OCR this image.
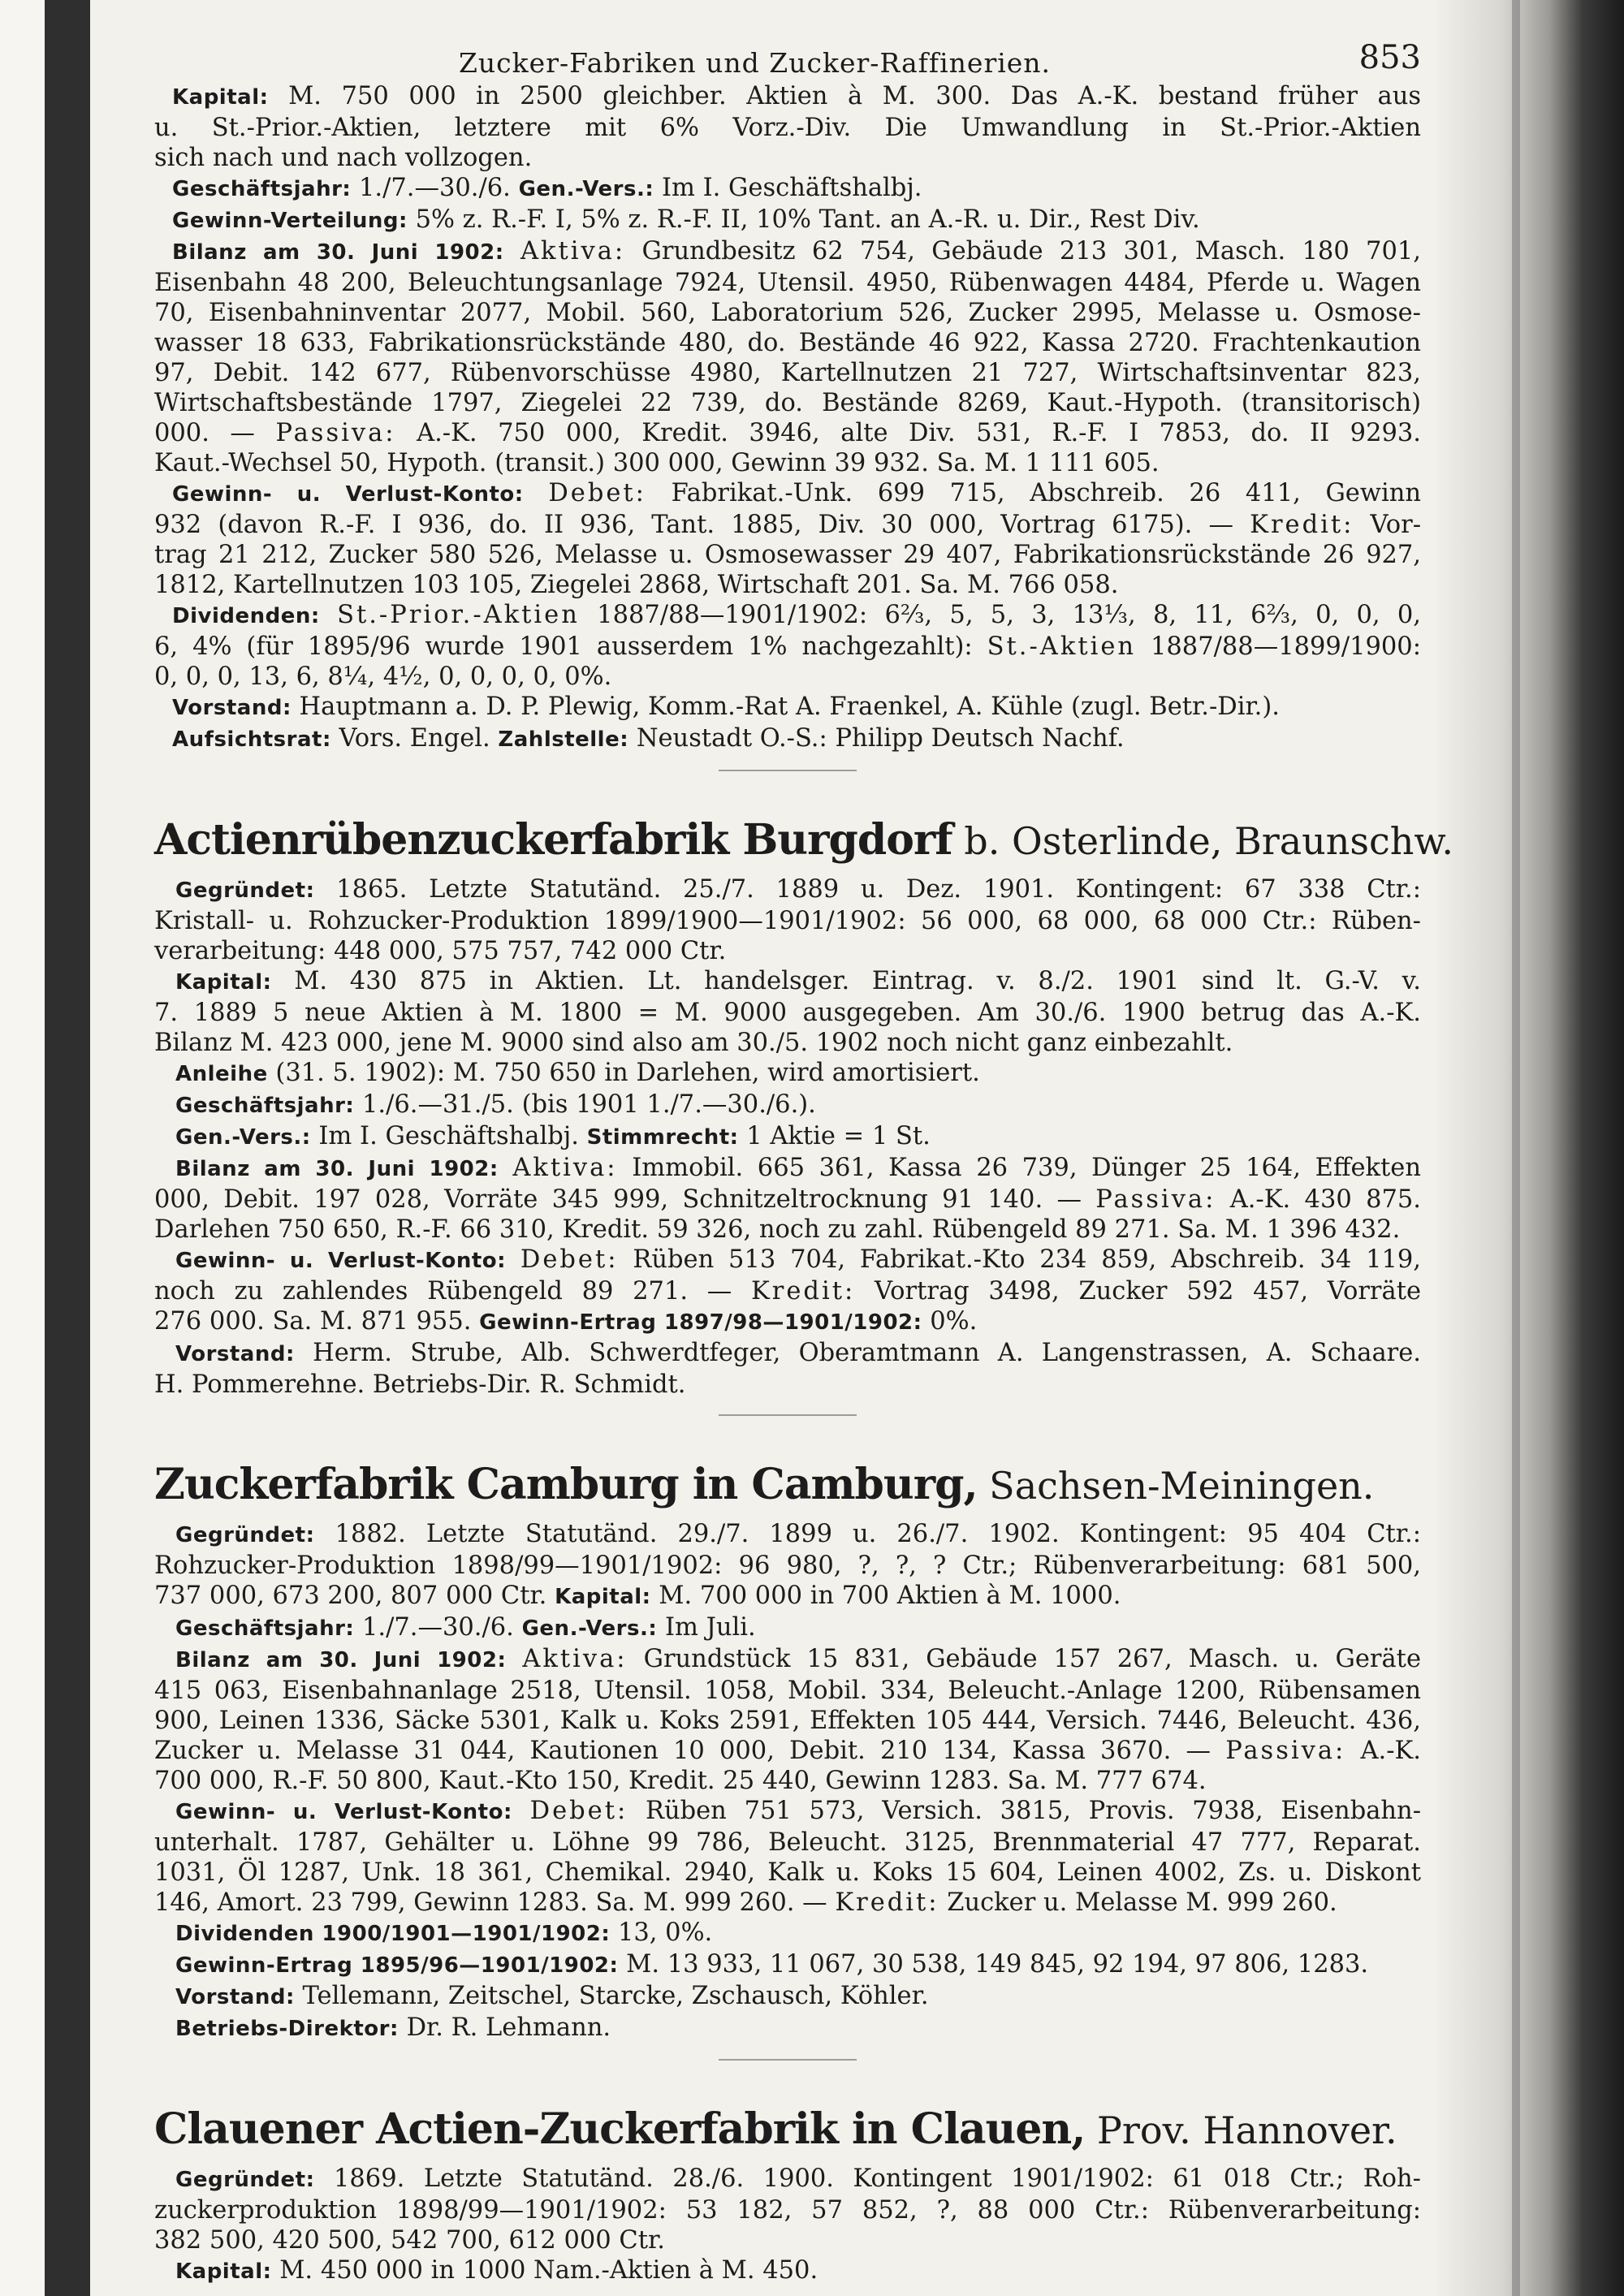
Zucker-Fabriken und Zucker-Raffinerien.	853
Kapital: M. 750 000 in 2500 gleichber. Aktien à M. 300. Das A.-K. bestand früher aus
u. St.-Prior.-Aktien, letztere mit 6% Vorz.-Div. Die Umwandlung in St.-Prior.-Aktien
sich nach und nach vollzogen.
Geschäftsjahr: 1./7.—30./6. Gen.-Vers.: Im I. Geschäftshalbj.
Gewinn-Verteilung: 5% z. R.-F. I, 5% z. R.-F. II, 10% Tant. an A.-R. u. Dir., Rest Div.
Bilanz am 30. Juni 1902: Aktiva: Grundbesitz 62 754, Gebäude 213 301, Masch. 180 701,
Eisenbahn 48 200, Beleuchtungsanlage 7924, Utensil. 4950, Rübenwagen 4484, Pferde u. Wagen
70, Eisenbahninventar 2077, Mobil. 560, Laboratorium 526, Zucker 2995, Melasse u. Osmose-
wasser 18 633, Fabrikationsrückstände 480, do. Bestände 46 922, Kassa 2720. Frachtenkaution
97, Debit. 142 677, Rübenvorschüsse 4980, Kartellnutzen 21 727, Wirtschaftsinventar 823,
Wirtschaftsbestände 1797, Ziegelei 22 739, do. Bestände 8269, Kaut.-Hypoth. (transitorisch)
000. — Passiva: A.-K. 750 000, Kredit. 3946, alte Div. 531, R.-F. I 7853, do. II 9293.
Kaut.-Wechsel 50, Hypoth. (transit.) 300 000, Gewinn 39 932. Sa. M. 1 111 605.
Gewinn- u. Verlust-Konto: Debet: Fabrikat.-Unk. 699 715, Abschreib. 26 411, Gewinn
932 (davon R.-F. I 936, do. II 936, Tant. 1885, Div. 30 000, Vortrag 6175). — Kredit: Vor-
trag 21 212, Zucker 580 526, Melasse u. Osmosewasser 29 407, Fabrikationsrückstände 26 927,
1812, Kartellnutzen 103 105, Ziegelei 2868, Wirtschaft 201. Sa. M. 766 058.
Dividenden: St.-Prior.-Aktien 1887/88—1901/1902: 6⅔, 5, 5, 3, 13⅓, 8, 11, 6⅔, 0, 0, 0,
6, 4% (für 1895/96 wurde 1901 ausserdem 1% nachgezahlt): St.-Aktien 1887/88—1899/1900:
0, 0, 0, 13, 6, 8¼, 4½, 0, 0, 0, 0, 0%.
Vorstand: Hauptmann a. D. P. Plewig, Komm.-Rat A. Fraenkel, A. Kühle (zugl. Betr.-Dir.).
Aufsichtsrat: Vors. Engel. Zahlstelle: Neustadt O.-S.: Philipp Deutsch Nachf.
Actienrübenzuckerfabrik Burgdorf b. Osterlinde, Braunschw.
Gegründet: 1865. Letzte Statutänd. 25./7. 1889 u. Dez. 1901. Kontingent: 67 338 Ctr.:
Kristall- u. Rohzucker-Produktion 1899/1900—1901/1902: 56 000, 68 000, 68 000 Ctr.: Rüben-
verarbeitung: 448 000, 575 757, 742 000 Ctr.
Kapital: M. 430 875 in Aktien. Lt. handelsger. Eintrag. v. 8./2. 1901 sind lt. G.-V. v.
7. 1889 5 neue Aktien à M. 1800 = M. 9000 ausgegeben. Am 30./6. 1900 betrug das A.-K.
Bilanz M. 423 000, jene M. 9000 sind also am 30./5. 1902 noch nicht ganz einbezahlt.
Anleihe (31. 5. 1902): M. 750 650 in Darlehen, wird amortisiert.
Geschäftsjahr: 1./6.—31./5. (bis 1901 1./7.—30./6.).
Gen.-Vers.: Im I. Geschäftshalbj. Stimmrecht: 1 Aktie = 1 St.
Bilanz am 30. Juni 1902: Aktiva: Immobil. 665 361, Kassa 26 739, Dünger 25 164, Effekten
000, Debit. 197 028, Vorräte 345 999, Schnitzeltrocknung 91 140. — Passiva: A.-K. 430 875.
Darlehen 750 650, R.-F. 66 310, Kredit. 59 326, noch zu zahl. Rübengeld 89 271. Sa. M. 1 396 432.
Gewinn- u. Verlust-Konto: Debet: Rüben 513 704, Fabrikat.-Kto 234 859, Abschreib. 34 119,
noch zu zahlendes Rübengeld 89 271. — Kredit: Vortrag 3498, Zucker 592 457, Vorräte
276 000. Sa. M. 871 955. Gewinn-Ertrag 1897/98—1901/1902: 0%.
Vorstand: Herm. Strube, Alb. Schwerdtfeger, Oberamtmann A. Langenstrassen, A. Schaare.
H. Pommerehne. Betriebs-Dir. R. Schmidt.
Zuckerfabrik Camburg in Camburg, Sachsen-Meiningen.
Gegründet: 1882. Letzte Statutänd. 29./7. 1899 u. 26./7. 1902. Kontingent: 95 404 Ctr.:
Rohzucker-Produktion 1898/99—1901/1902: 96 980, ?, ?, ? Ctr.; Rübenverarbeitung: 681 500,
737 000, 673 200, 807 000 Ctr. Kapital: M. 700 000 in 700 Aktien à M. 1000.
Geschäftsjahr: 1./7.—30./6. Gen.-Vers.: Im Juli.
Bilanz am 30. Juni 1902: Aktiva: Grundstück 15 831, Gebäude 157 267, Masch. u. Geräte
415 063, Eisenbahnanlage 2518, Utensil. 1058, Mobil. 334, Beleucht.-Anlage 1200, Rübensamen
900, Leinen 1336, Säcke 5301, Kalk u. Koks 2591, Effekten 105 444, Versich. 7446, Beleucht. 436,
Zucker u. Melasse 31 044, Kautionen 10 000, Debit. 210 134, Kassa 3670. — Passiva: A.-K.
700 000, R.-F. 50 800, Kaut.-Kto 150, Kredit. 25 440, Gewinn 1283. Sa. M. 777 674.
Gewinn- u. Verlust-Konto: Debet: Rüben 751 573, Versich. 3815, Provis. 7938, Eisenbahn-
unterhalt. 1787, Gehälter u. Löhne 99 786, Beleucht. 3125, Brennmaterial 47 777, Reparat.
1031, Öl 1287, Unk. 18 361, Chemikal. 2940, Kalk u. Koks 15 604, Leinen 4002, Zs. u. Diskont
146, Amort. 23 799, Gewinn 1283. Sa. M. 999 260. — Kredit: Zucker u. Melasse M. 999 260.
Dividenden 1900/1901—1901/1902: 13, 0%.
Gewinn-Ertrag 1895/96—1901/1902: M. 13 933, 11 067, 30 538, 149 845, 92 194, 97 806, 1283.
Vorstand: Tellemann, Zeitschel, Starcke, Zschausch, Köhler.
Betriebs-Direktor: Dr. R. Lehmann.
Clauener Actien-Zuckerfabrik in Clauen, Prov. Hannover.
Gegründet: 1869. Letzte Statutänd. 28./6. 1900. Kontingent 1901/1902: 61 018 Ctr.; Roh-
zuckerproduktion 1898/99—1901/1902: 53 182, 57 852, ?, 88 000 Ctr.: Rübenverarbeitung:
382 500, 420 500, 542 700, 612 000 Ctr.
Kapital: M. 450 000 in 1000 Nam.-Aktien à M. 450.
